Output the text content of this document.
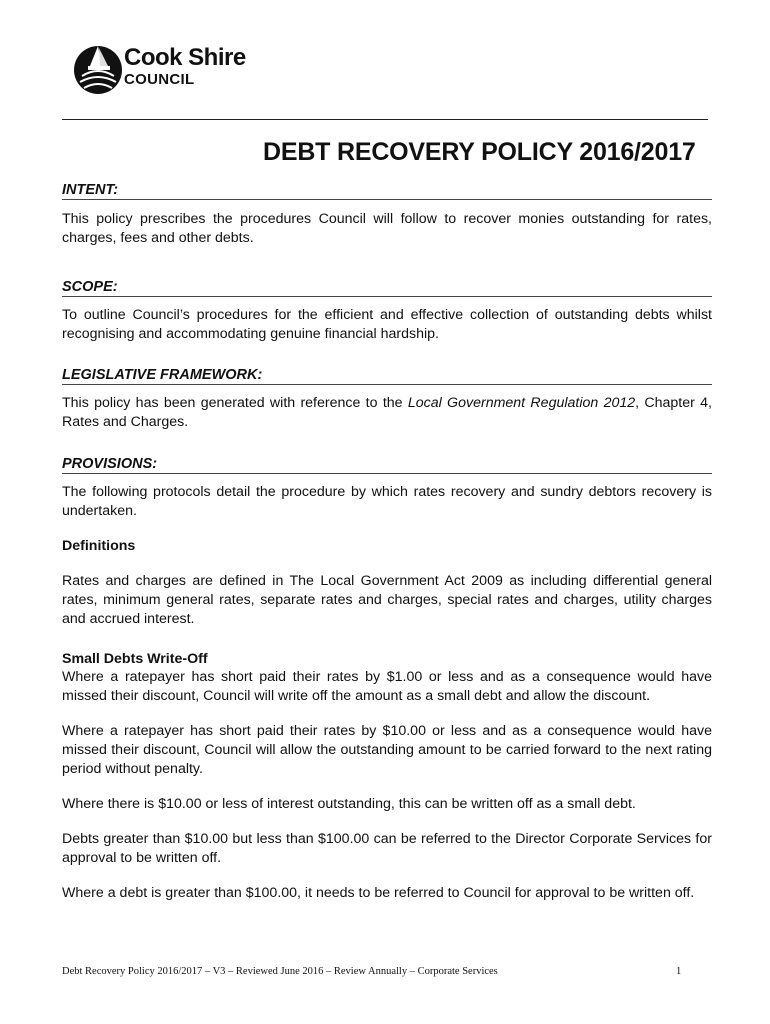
Cook Shire
COUNCIL
DEBT RECOVERY POLICY 2016/2017
INTENT:
This policy prescribes the procedures Council will follow to recover monies outstanding for rates, charges, fees and other debts.
SCOPE:
To outline Council’s procedures for the efficient and effective collection of outstanding debts whilst recognising and accommodating genuine financial hardship.
LEGISLATIVE FRAMEWORK:
This policy has been generated with reference to the Local Government Regulation 2012, Chapter 4, Rates and Charges.
PROVISIONS:
The following protocols detail the procedure by which rates recovery and sundry debtors recovery is undertaken.
Definitions
Rates and charges are defined in The Local Government Act 2009 as including differential general rates, minimum general rates, separate rates and charges, special rates and charges, utility charges and accrued interest.
Small Debts Write-Off
Where a ratepayer has short paid their rates by $1.00 or less and as a consequence would have missed their discount, Council will write off the amount as a small debt and allow the discount.
Where a ratepayer has short paid their rates by $10.00 or less and as a consequence would have missed their discount, Council will allow the outstanding amount to be carried forward to the next rating period without penalty.
Where there is $10.00 or less of interest outstanding, this can be written off as a small debt.
Debts greater than $10.00 but less than $100.00 can be referred to the Director Corporate Services for approval to be written off.
Where a debt is greater than $100.00, it needs to be referred to Council for approval to be written off.
Debt Recovery Policy 2016/2017 – V3 – Reviewed June 2016 – Review Annually – Corporate Services	1
